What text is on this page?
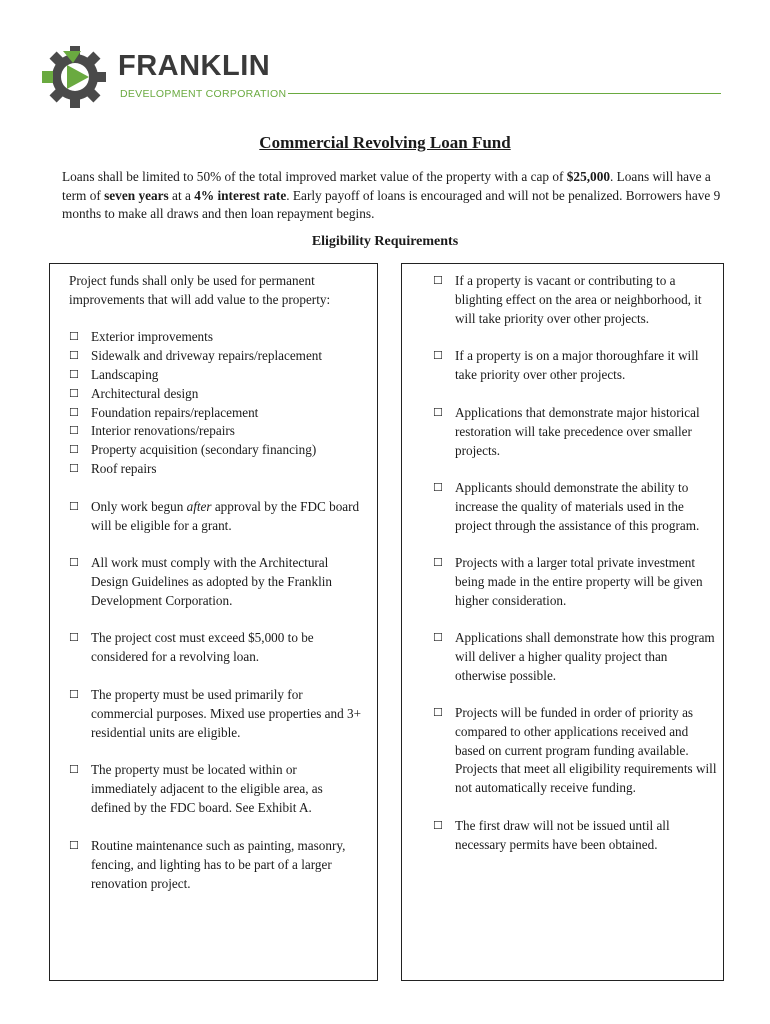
FRANKLIN
DEVELOPMENT CORPORATION
Commercial Revolving Loan Fund

Loans shall be limited to 50% of the total improved market value of the property with a cap of $25,000. Loans will have a term of seven years at a 4% interest rate. Early payoff of loans is encouraged and will not be penalized. Borrowers have 9 months to make all draws and then loan repayment begins.

Eligibility Requirements

Project funds shall only be used for permanent improvements that will add value to the property:

☐ Exterior improvements
☐ Sidewalk and driveway repairs/replacement
☐ Landscaping
☐ Architectural design
☐ Foundation repairs/replacement
☐ Interior renovations/repairs
☐ Property acquisition (secondary financing)
☐ Roof repairs
☐ Only work begun after approval by the FDC board will be eligible for a grant.
☐ All work must comply with the Architectural Design Guidelines as adopted by the Franklin Development Corporation.
☐ The project cost must exceed $5,000 to be considered for a revolving loan.
☐ The property must be used primarily for commercial purposes. Mixed use properties and 3+ residential units are eligible.
☐ The property must be located within or immediately adjacent to the eligible area, as defined by the FDC board. See Exhibit A.
☐ Routine maintenance such as painting, masonry, fencing, and lighting has to be part of a larger renovation project.
☐ If a property is vacant or contributing to a blighting effect on the area or neighborhood, it will take priority over other projects.
☐ If a property is on a major thoroughfare it will take priority over other projects.
☐ Applications that demonstrate major historical restoration will take precedence over smaller projects.
☐ Applicants should demonstrate the ability to increase the quality of materials used in the project through the assistance of this program.
☐ Projects with a larger total private investment being made in the entire property will be given higher consideration.
☐ Applications shall demonstrate how this program will deliver a higher quality project than otherwise possible.
☐ Projects will be funded in order of priority as compared to other applications received and based on current program funding available. Projects that meet all eligibility requirements will not automatically receive funding.
☐ The first draw will not be issued until all necessary permits have been obtained.
